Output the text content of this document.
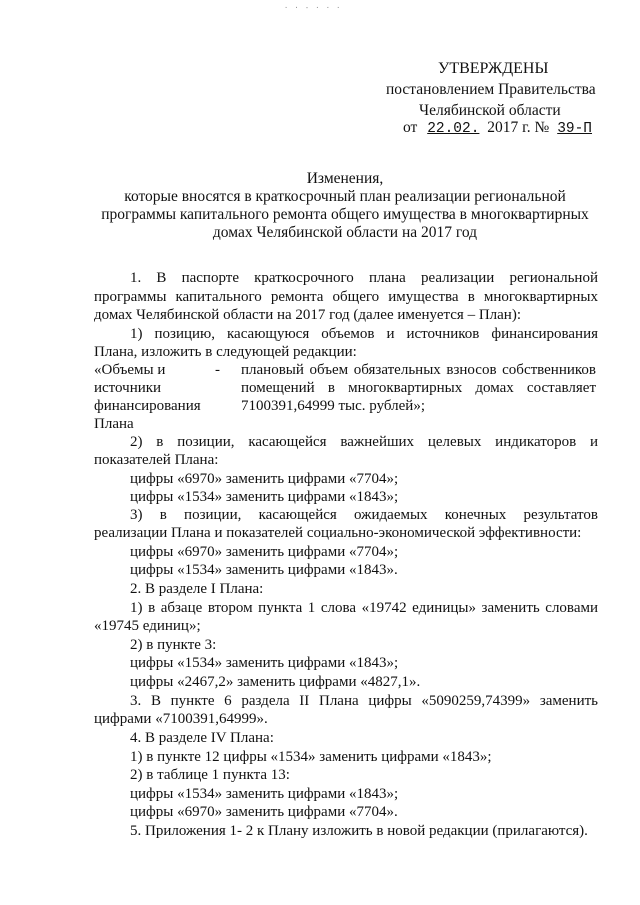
· · - · · ·
УТВЕРЖДЕНЫ
постановлением Правительства
Челябинской области
от 22.02. 2017 г. № 39-П
Изменения,
которые вносятся в краткосрочный план реализации региональной
программы капитального ремонта общего имущества в многоквартирных
домах Челябинской области на 2017 год
1. В паспорте краткосрочного плана реализации региональной
программы капитального ремонта общего имущества в многоквартирных
домах Челябинской области на 2017 год (далее именуется – План):
1) позицию, касающуюся объемов и источников финансирования
Плана, изложить в следующей редакции:
«Объемы и
источники
финансирования
Плана
- плановый объем обязательных взносов собственников
помещений в многоквартирных домах составляет
7100391,64999 тыс. рублей»;
2) в позиции, касающейся важнейших целевых индикаторов и
показателей Плана:
цифры «6970» заменить цифрами «7704»;
цифры «1534» заменить цифрами «1843»;
3) в позиции, касающейся ожидаемых конечных результатов
реализации Плана и показателей социально-экономической эффективности:
цифры «6970» заменить цифрами «7704»;
цифры «1534» заменить цифрами «1843».
2. В разделе I Плана:
1) в абзаце втором пункта 1 слова «19742 единицы» заменить словами
«19745 единиц»;
2) в пункте 3:
цифры «1534» заменить цифрами «1843»;
цифры «2467,2» заменить цифрами «4827,1».
3. В пункте 6 раздела II Плана цифры «5090259,74399» заменить
цифрами «7100391,64999».
4. В разделе IV Плана:
1) в пункте 12 цифры «1534» заменить цифрами «1843»;
2) в таблице 1 пункта 13:
цифры «1534» заменить цифрами «1843»;
цифры «6970» заменить цифрами «7704».
5. Приложения 1- 2 к Плану изложить в новой редакции (прилагаются).
